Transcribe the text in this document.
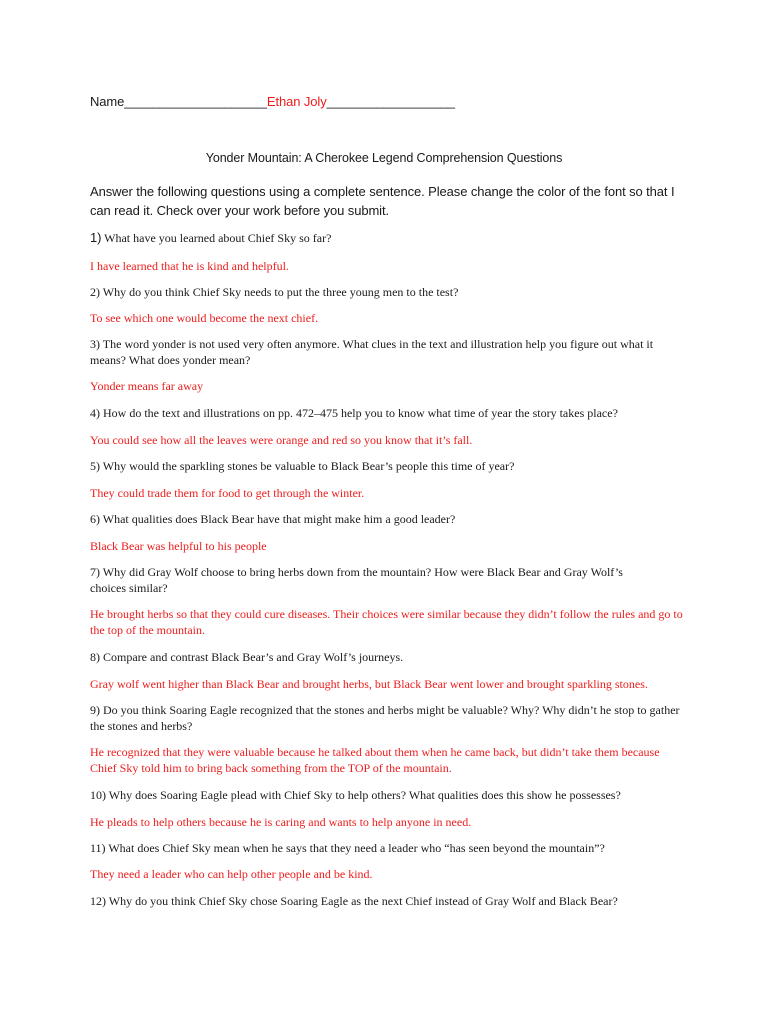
Name____________________Ethan Joly__________________
Yonder Mountain: A Cherokee Legend Comprehension Questions
Answer the following questions using a complete sentence. Please change the color of the font so that I can read it. Check over your work before you submit.
1) What have you learned about Chief Sky so far?
I have learned that he is kind and helpful.
2) Why do you think Chief Sky needs to put the three young men to the test?
To see which one would become the next chief.
3) The word yonder is not used very often anymore. What clues in the text and illustration help you figure out what it means? What does yonder mean?
Yonder means far away
4) How do the text and illustrations on pp. 472–475 help you to know what time of year the story takes place?
You could see how all the leaves were orange and red so you know that it’s fall.
5) Why would the sparkling stones be valuable to Black Bear’s people this time of year?
They could trade them for food to get through the winter.
6) What qualities does Black Bear have that might make him a good leader?
Black Bear was helpful to his people
7) Why did Gray Wolf choose to bring herbs down from the mountain? How were Black Bear and Gray Wolf’s choices similar?
He brought herbs so that they could cure diseases. Their choices were similar because they didn’t follow the rules and go to the top of the mountain.
8) Compare and contrast Black Bear’s and Gray Wolf’s journeys.
Gray wolf went higher than Black Bear and brought herbs, but Black Bear went lower and brought sparkling stones.
9) Do you think Soaring Eagle recognized that the stones and herbs might be valuable? Why? Why didn’t he stop to gather the stones and herbs?
He recognized that they were valuable because he talked about them when he came back, but didn’t take them because Chief Sky told him to bring back something from the TOP of the mountain.
10) Why does Soaring Eagle plead with Chief Sky to help others? What qualities does this show he possesses?
He pleads to help others because he is caring and wants to help anyone in need.
11) What does Chief Sky mean when he says that they need a leader who “has seen beyond the mountain”?
They need a leader who can help other people and be kind.
12) Why do you think Chief Sky chose Soaring Eagle as the next Chief instead of Gray Wolf and Black Bear?
